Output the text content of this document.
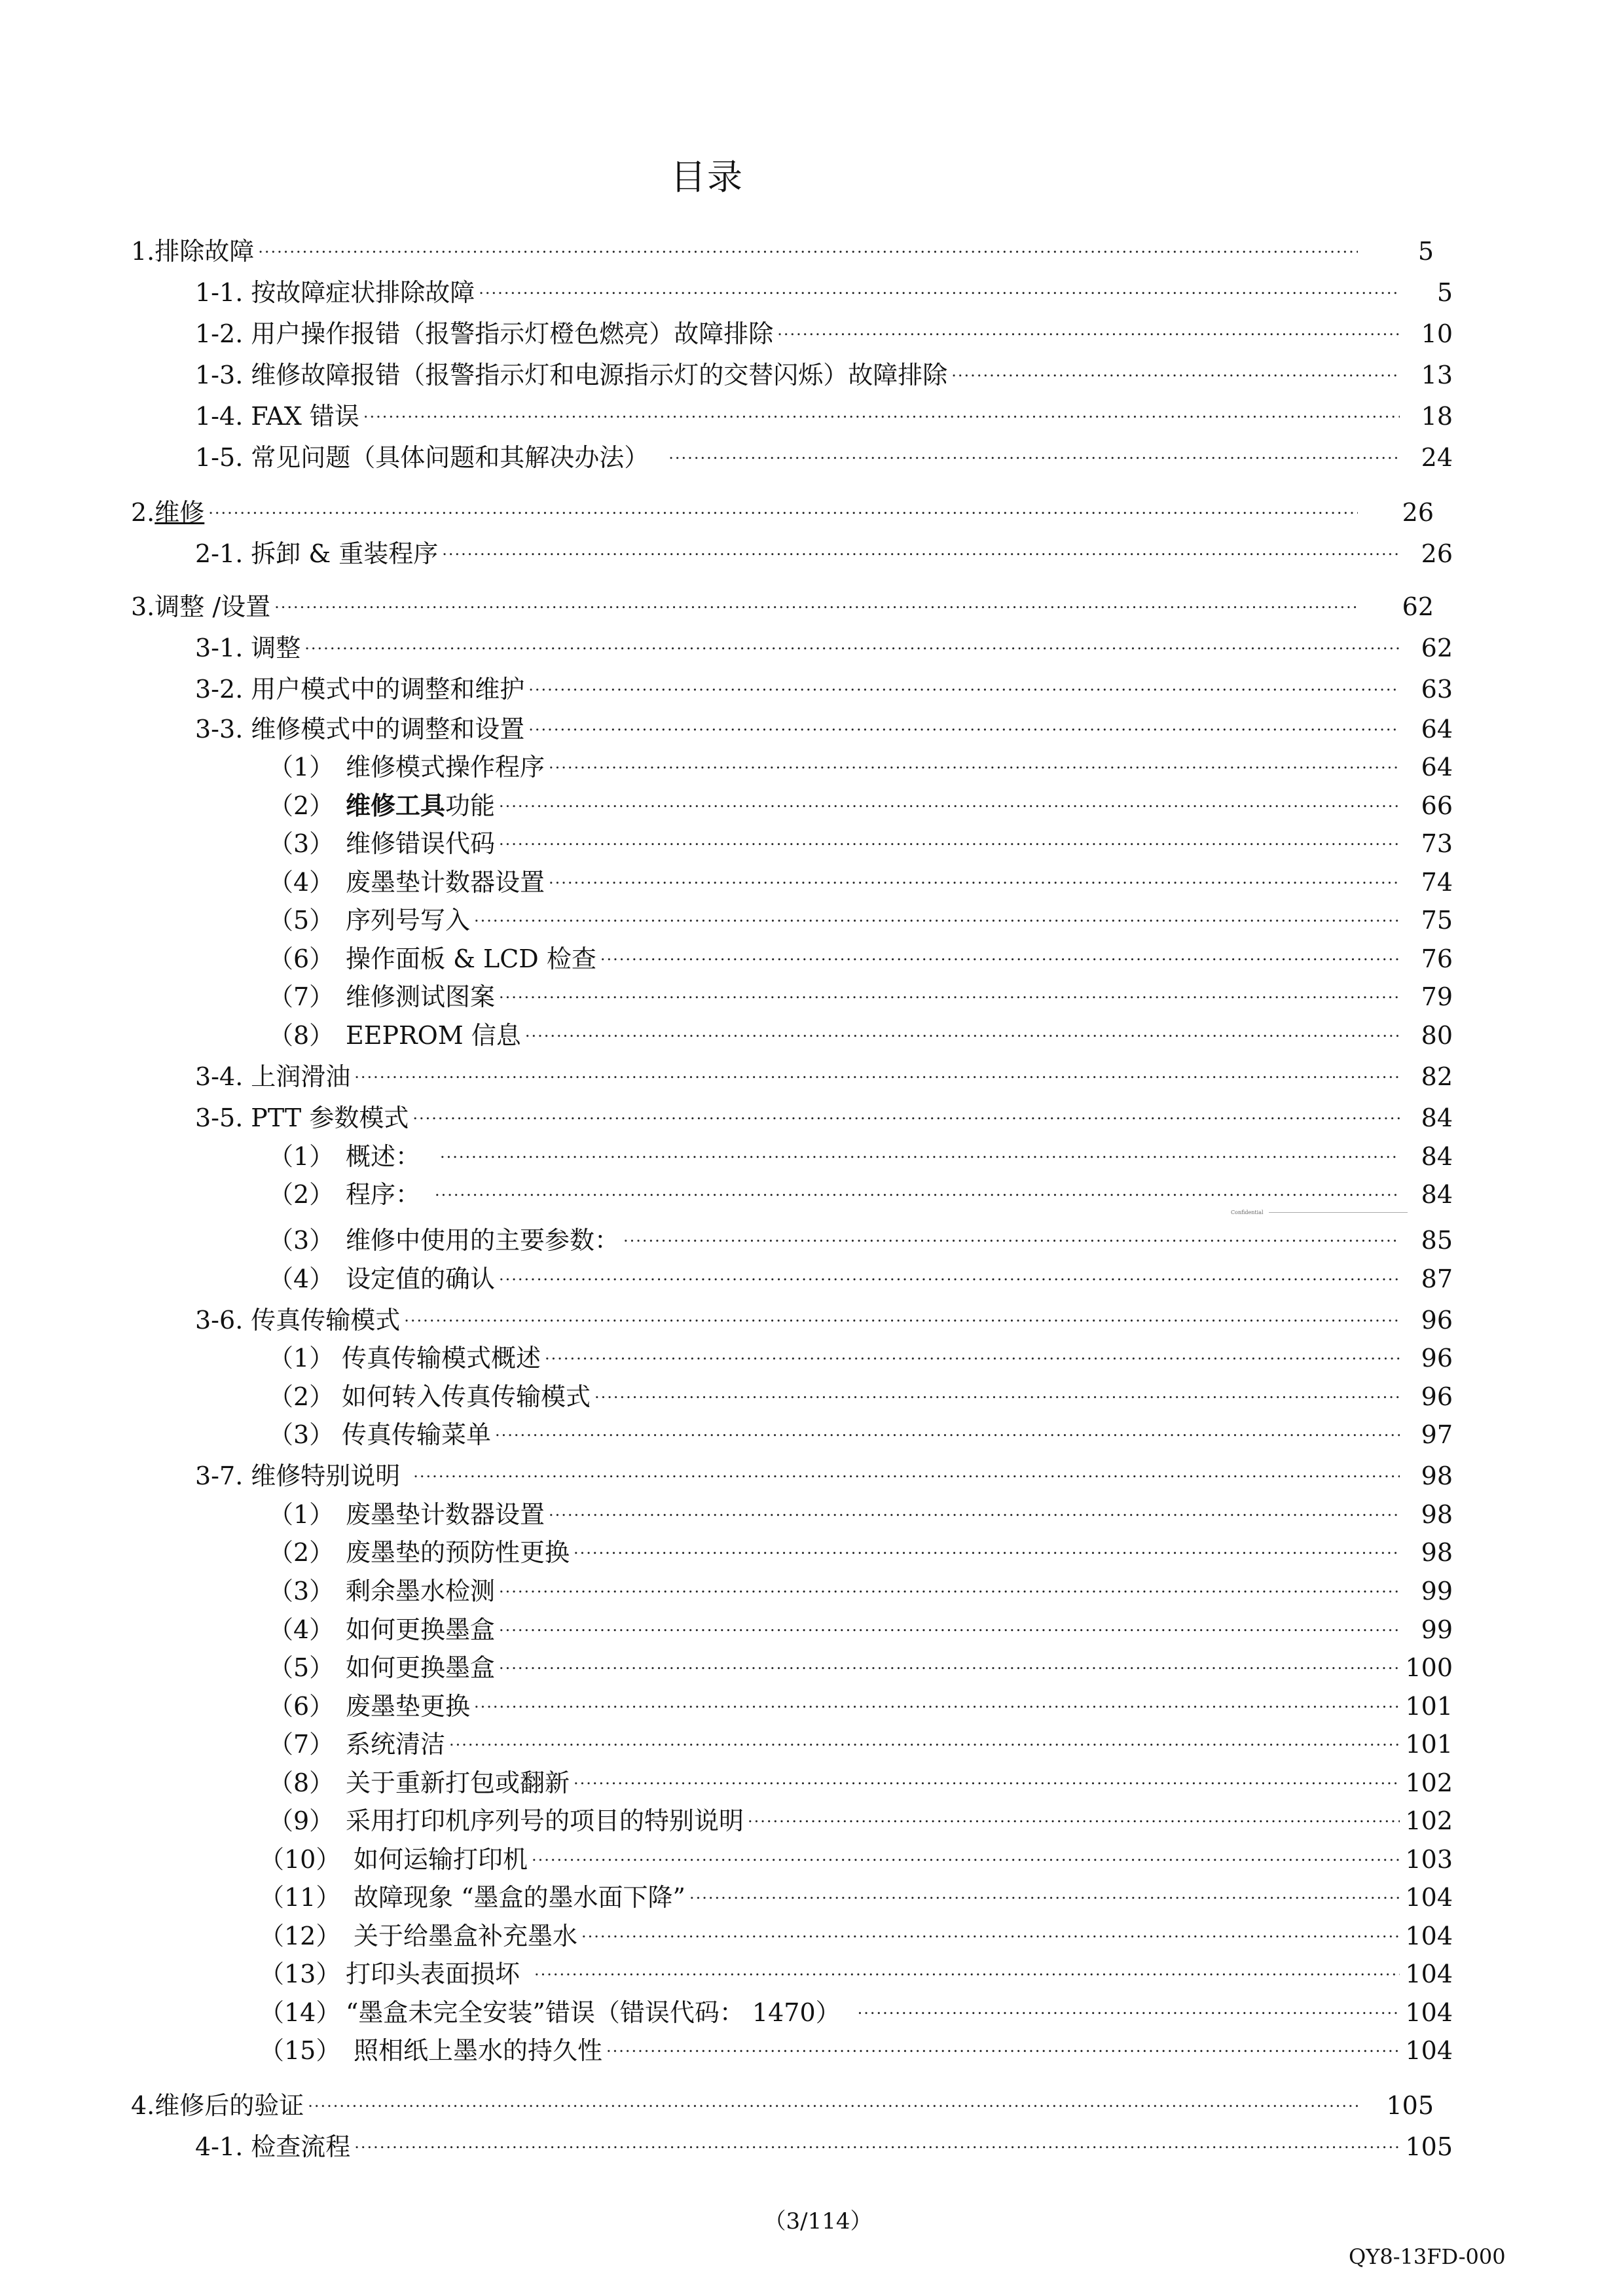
目录
1.排除故障 .....	5
1-1. 按故障症状排除故障 .....	5
1-2. 用户操作报错（报警指示灯橙色燃亮）故障排除 .....	10
1-3. 维修故障报错（报警指示灯和电源指示灯的交替闪烁）故障排除 .....	13
1-4. FAX 错误 .....	18
1-5. 常见问题（具体问题和其解决办法） .....	24
2.维修 .....	26
2-1. 拆卸 & 重装程序 .....	26
3.调整 /设置 .....	62
3-1. 调整 .....	62
3-2. 用户模式中的调整和维护 .....	63
3-3. 维修模式中的调整和设置 .....	64
（1） 维修模式操作程序 .....	64
（2） 维修工具功能 .....	66
（3） 维修错误代码 .....	73
（4） 废墨垫计数器设置 .....	74
（5） 序列号写入 .....	75
（6） 操作面板 & LCD 检查 .....	76
（7） 维修测试图案 .....	79
（8） EEPROM 信息 .....	80
3-4. 上润滑油 .....	82
3-5. PTT 参数模式 .....	84
（1） 概述： .....	84
（2） 程序： .....	84
Confidential
（3） 维修中使用的主要参数： .....	85
（4） 设定值的确认 .....	87
3-6. 传真传输模式 .....	96
（1） 传真传输模式概述 .....	96
（2） 如何转入传真传输模式 .....	96
（3） 传真传输菜单 .....	97
3-7. 维修特别说明 .....	98
（1） 废墨垫计数器设置 .....	98
（2） 废墨垫的预防性更换 .....	98
（3） 剩余墨水检测 .....	99
（4） 如何更换墨盒 .....	99
（5） 如何更换墨盒 .....	100
（6） 废墨垫更换 .....	101
（7） 系统清洁 .....	101
（8） 关于重新打包或翻新 .....	102
（9） 采用打印机序列号的项目的特别说明 .....	102
（10） 如何运输打印机 .....	103
（11） 故障现象 “墨盒的墨水面下降” .....	104
（12） 关于给墨盒补充墨水 .....	104
（13） 打印头表面损坏 .....	104
（14） “墨盒未完全安装”错误（错误代码： 1470） .....	104
（15） 照相纸上墨水的持久性 .....	104
4.维修后的验证 .....	105
4-1. 检查流程 .....	105
（3/114）
QY8-13FD-000
